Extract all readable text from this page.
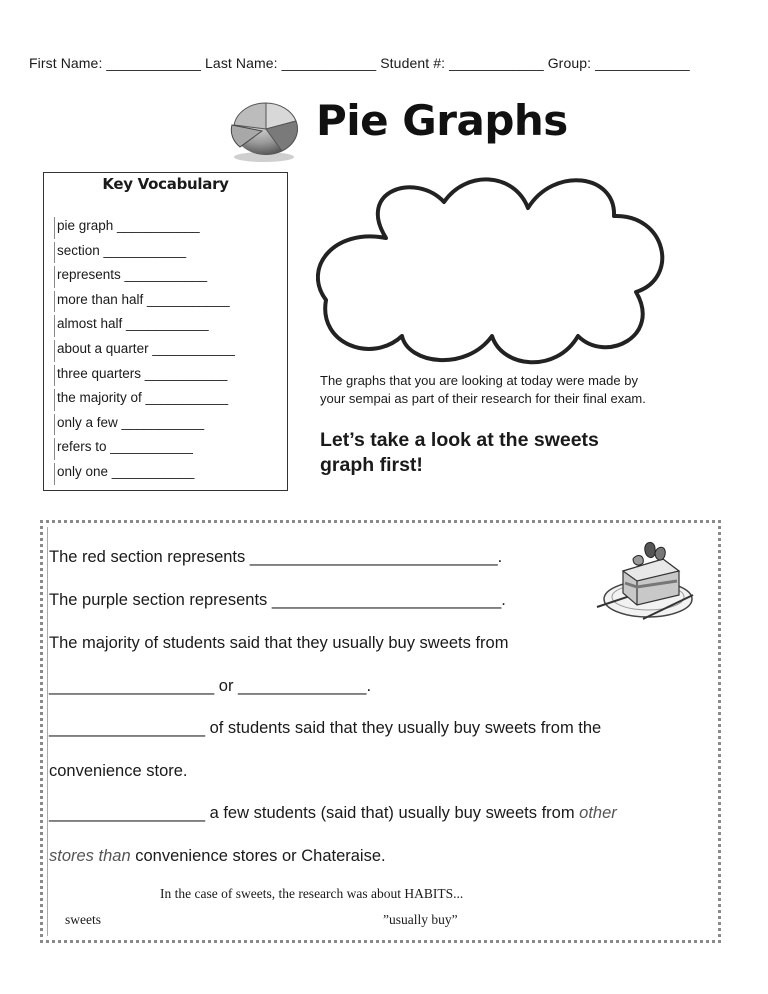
First Name: ____________ Last Name: ____________ Student #: ____________ Group: ____________
Pie Graphs
Key Vocabulary
pie graph ___________
section ___________
represents ___________
more than half ___________
almost half ___________
about a quarter ___________
three quarters ___________
the majority of ___________
only a few ___________
refers to ___________
only one ___________
The graphs that you are looking at today were made by
your sempai as part of their research for their final exam.
Let’s take a look at the sweets
graph first!
The red section represents ___________________________.
The purple section represents _________________________.
The majority of students said that they usually buy sweets from
__________________ or ______________.
_________________ of students said that they usually buy sweets from the
convenience store.
_________________ a few students (said that) usually buy sweets from other
stores than convenience stores or Chateraise.
In the case of sweets, the research was about HABITS...
sweets	”usually buy”
